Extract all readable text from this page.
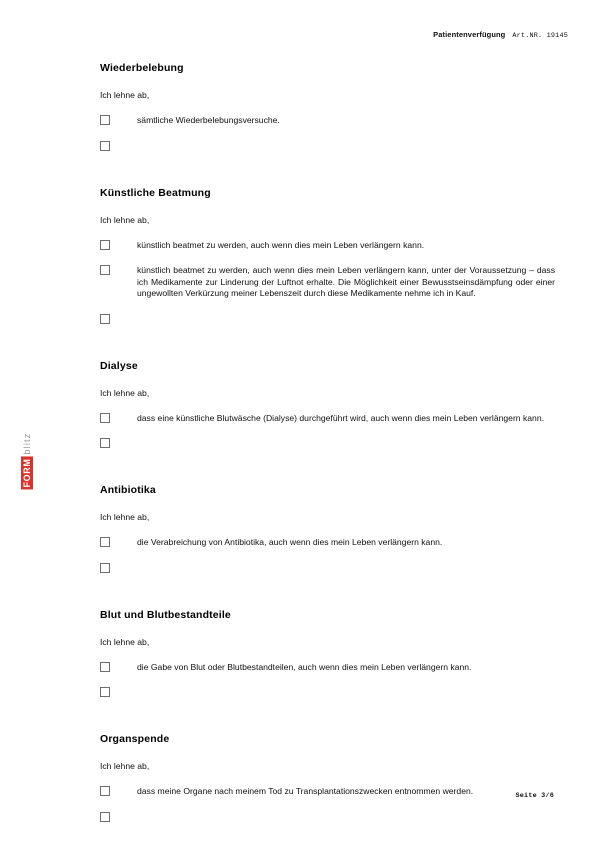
Patientenverfügung Art.NR. 19145
FORM
blitz
Wiederbelebung
Ich lehne ab,
sämtliche Wiederbelebungsversuche.
Künstliche Beatmung
Ich lehne ab,
künstlich beatmet zu werden, auch wenn dies mein Leben verlängern kann.
künstlich beatmet zu werden, auch wenn dies mein Leben verlängern kann, unter der Voraussetzung – dass ich Medikamente zur Linderung der Luftnot erhalte. Die Möglichkeit einer Bewusstseinsdämpfung oder einer ungewollten Verkürzung meiner Lebenszeit durch diese Medikamente nehme ich in Kauf.
Dialyse
Ich lehne ab,
dass eine künstliche Blutwäsche (Dialyse) durchgeführt wird, auch wenn dies mein Leben verlängern kann.
Antibiotika
Ich lehne ab,
die Verabreichung von Antibiotika, auch wenn dies mein Leben verlängern kann.
Blut und Blutbestandteile
Ich lehne ab,
die Gabe von Blut oder Blutbestandteilen, auch wenn dies mein Leben verlängern kann.
Organspende
Ich lehne ab,
dass meine Organe nach meinem Tod zu Transplantationszwecken entnommen werden.	Seite 3/6
